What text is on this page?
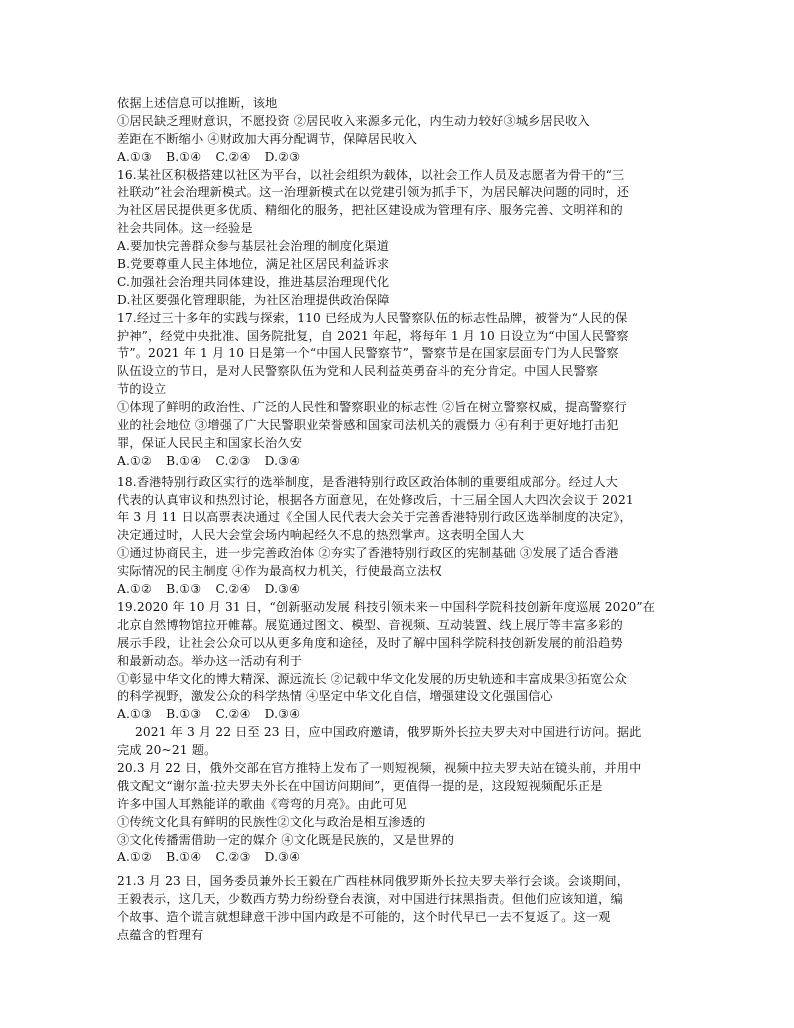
依据上述信息可以推断，该地
①居民缺乏理财意识，不愿投资 ②居民收入来源多元化，内生动力较好③城乡居民收入
差距在不断缩小 ④财政加大再分配调节，保障居民收入
A.①③ B.①④ C.②④ D.②③
16.某社区积极搭建以社区为平台，以社会组织为载体，以社会工作人员及志愿者为骨干的“三
社联动”社会治理新模式。这一治理新模式在以党建引领为抓手下，为居民解决问题的同时，还
为社区居民提供更多优质、精细化的服务，把社区建设成为管理有序、服务完善、文明祥和的
社会共同体。这一经验是
A.要加快完善群众参与基层社会治理的制度化渠道
B.党要尊重人民主体地位，满足社区居民利益诉求
C.加强社会治理共同体建设，推进基层治理现代化
D.社区要强化管理职能，为社区治理提供政治保障
17.经过三十多年的实践与探索，110 已经成为人民警察队伍的标志性品牌，被誉为“人民的保
护神”，经党中央批准、国务院批复，自 2021 年起，将每年 1 月 10 日设立为“中国人民警察
节”。2021 年 1 月 10 日是第一个“中国人民警察节”，警察节是在国家层面专门为人民警察
队伍设立的节日，是对人民警察队伍为党和人民利益英勇奋斗的充分肯定。中国人民警察
节的设立
①体现了鲜明的政治性、广泛的人民性和警察职业的标志性 ②旨在树立警察权威，提高警察行
业的社会地位 ③增强了广大民警职业荣誉感和国家司法机关的震慑力 ④有利于更好地打击犯
罪，保证人民民主和国家长治久安
A.①② B.①④ C.②③ D.③④
18.香港特别行政区实行的选举制度，是香港特别行政区政治体制的重要组成部分。经过人大
代表的认真审议和热烈讨论，根据各方面意见，在处修改后，十三届全国人大四次会议于 2021
年 3 月 11 日以高票表决通过《全国人民代表大会关于完善香港特别行政区选举制度的决定》，
决定通过时，人民大会堂会场内响起经久不息的热烈掌声。这表明全国人大
①通过协商民主，进一步完善政治体 ②夯实了香港特别行政区的宪制基础 ③发展了适合香港
实际情况的民主制度 ④作为最高权力机关，行使最高立法权
A.①② B.①③ C.②④ D.③④
19.2020 年 10 月 31 日，“创新驱动发展 科技引领未来－中国科学院科技创新年度巡展 2020”在
北京自然博物馆拉开帷幕。展览通过图文、模型、音视频、互动装置、线上展厅等丰富多彩的
展示手段，让社会公众可以从更多角度和途径，及时了解中国科学院科技创新发展的前沿趋势
和最新动态。举办这一活动有利于
①彰显中华文化的博大精深、源远流长 ②记载中华文化发展的历史轨迹和丰富成果③拓宽公众
的科学视野，激发公众的科学热情 ④坚定中华文化自信，增强建设文化强国信心
A.①③ B.①③ C.②④ D.③④
2021 年 3 月 22 日至 23 日，应中国政府邀请，俄罗斯外长拉夫罗夫对中国进行访问。据此
完成 20~21 题。
20.3 月 22 日，俄外交部在官方推特上发布了一则短视频，视频中拉夫罗夫站在镜头前，并用中
俄文配文“谢尔盖·拉夫罗夫外长在中国访问期间”，更值得一提的是，这段短视频配乐正是
许多中国人耳熟能详的歌曲《弯弯的月亮》。由此可见
①传统文化具有鲜明的民族性②文化与政治是相互渗透的
③文化传播需借助一定的媒介 ④文化既是民族的，又是世界的
A.①② B.①④ C.②③ D.③④
21.3 月 23 日，国务委员兼外长王毅在广西桂林同俄罗斯外长拉夫罗夫举行会谈。会谈期间，
王毅表示，这几天，少数西方势力纷纷登台表演，对中国进行抹黑指责。但他们应该知道，编
个故事、造个谎言就想肆意干涉中国内政是不可能的，这个时代早已一去不复返了。这一观
点蕴含的哲理有
